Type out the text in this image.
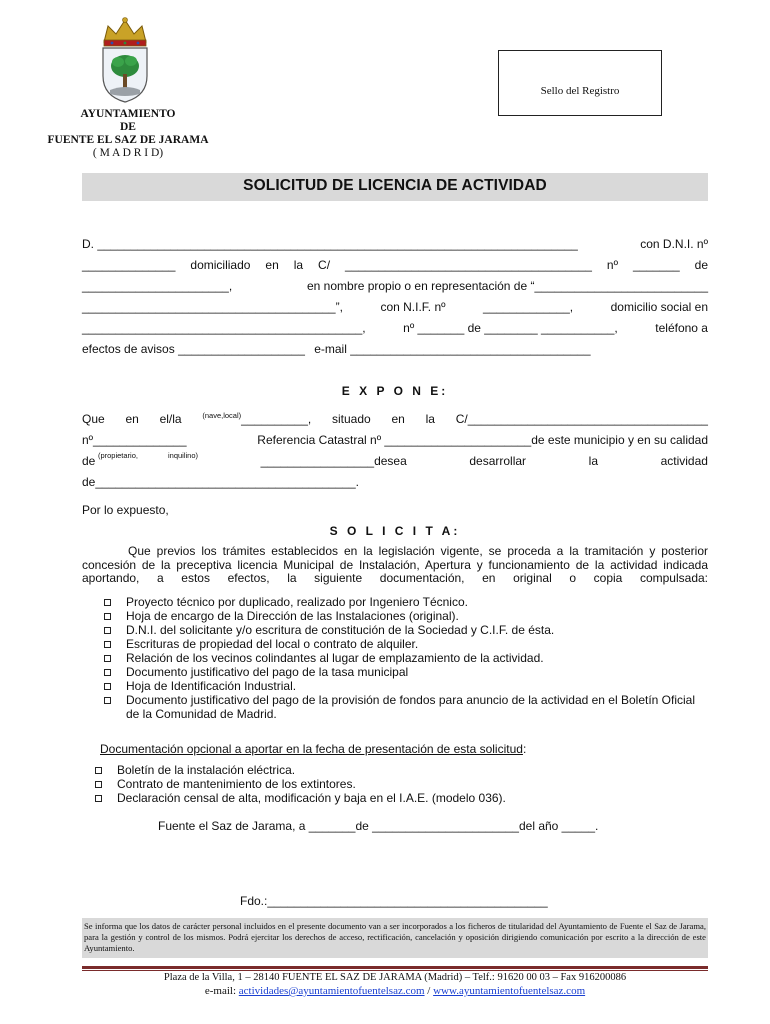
AYUNTAMIENTO
DE
FUENTE EL SAZ DE JARAMA
( M A D R I D)
Sello del Registro
SOLICITUD DE LICENCIA DE ACTIVIDAD
D. ________________________________________________________________________	con D.N.I. nº
______________ domiciliado en la C/ _____________________________________ nº _______ de
______________________,	en nombre propio o en representación de “__________________________
______________________________________”,	con N.I.F. nº	_____________,	domicilio social en
__________________________________________,	nº _______ de ________ ___________,	teléfono a
efectos de avisos ___________________ e-mail ____________________________________
E X P O N E:
Que en el/la	$^{(nave,local)}$__________, situado en la C/____________________________________
nº______________	Referencia Catastral nº ______________________de este municipio y en su calidad
de (propietario,	inquilino)	_________________desea	desarrollar	la	actividad
de_______________________________________.
Por lo expuesto,
S O L I C I T A:
Que previos los trámites establecidos en la legislación vigente, se proceda a la tramitación y posterior concesión de la preceptiva licencia Municipal de Instalación, Apertura y funcionamiento de la actividad indicada aportando, a estos efectos, la siguiente documentación, en original o copia compulsada:
Proyecto técnico por duplicado, realizado por Ingeniero Técnico.
Hoja de encargo de la Dirección de las Instalaciones (original).
D.N.I. del solicitante y/o escritura de constitución de la Sociedad y C.I.F. de ésta.
Escrituras de propiedad del local o contrato de alquiler.
Relación de los vecinos colindantes al lugar de emplazamiento de la actividad.
Documento justificativo del pago de la tasa municipal
Hoja de Identificación Industrial.
Documento justificativo del pago de la provisión de fondos para anuncio de la actividad en el Boletín Oficial de la Comunidad de Madrid.
Documentación opcional a aportar en la fecha de presentación de esta solicitud:
Boletín de la instalación eléctrica.
Contrato de mantenimiento de los extintores.
Declaración censal de alta, modificación y baja en el I.A.E. (modelo 036).
Fuente el Saz de Jarama, a _______de ______________________del año _____.
Fdo.:__________________________________________
Se informa que los datos de carácter personal incluidos en el presente documento van a ser incorporados a los ficheros de titularidad del Ayuntamiento de Fuente el Saz de Jarama, para la gestión y control de los mismos. Podrá ejercitar los derechos de acceso, rectificación, cancelación y oposición dirigiendo comunicación por escrito a la dirección de este Ayuntamiento.
Plaza de la Villa, 1 – 28140 FUENTE EL SAZ DE JARAMA (Madrid) – Telf.: 91620 00 03 – Fax 916200086
e-mail: actividades@ayuntamientofuentelsaz.com / www.ayuntamientofuentelsaz.com
